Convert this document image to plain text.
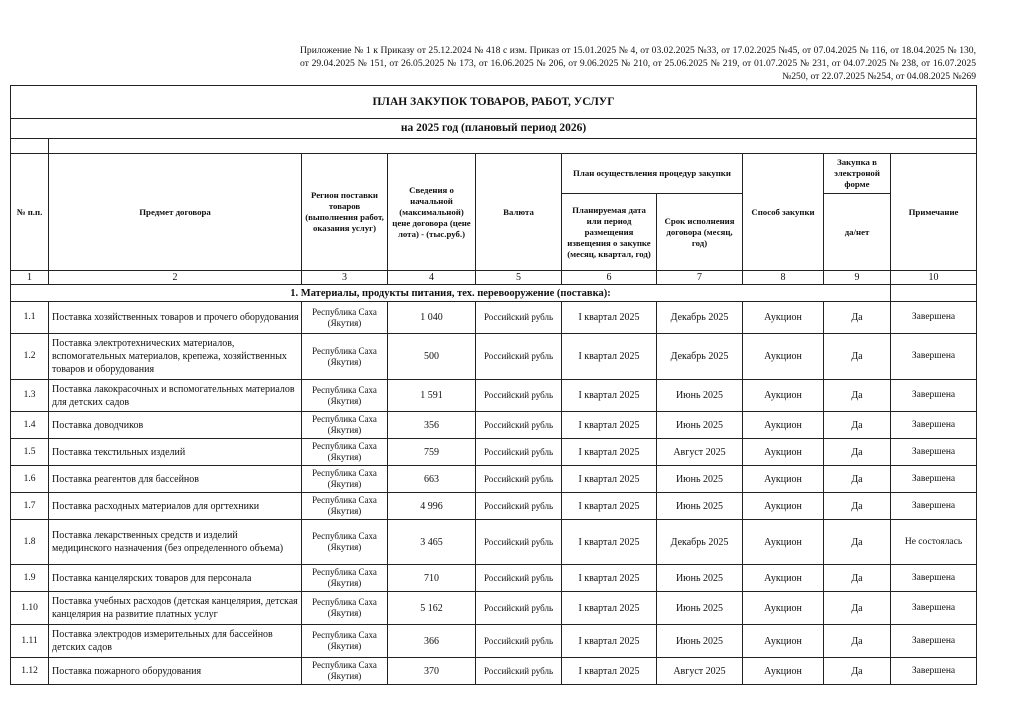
Приложение № 1 к Приказу от 25.12.2024 № 418 с изм. Приказ от 15.01.2025 № 4, от 03.02.2025 №33, от 17.02.2025 №45, от 07.04.2025 № 116, от 18.04.2025 № 130, от 29.04.2025 № 151, от 26.05.2025 № 173, от 16.06.2025 № 206, от 9.06.2025 № 210, от 25.06.2025 № 219, от 01.07.2025 № 231, от 04.07.2025 № 238, от 16.07.2025 №250, от 22.07.2025 №254, от 04.08.2025 №269
ПЛАН ЗАКУПОК ТОВАРОВ, РАБОТ, УСЛУГ									
на 2025 год (плановый период 2026)									

№ п.п.	Предмет договора	Регион поставки товаров (выполнения работ, оказания услуг)	Сведения о начальной (максимальной) цене договора (цене лота) - (тыс.руб.)	Валюта	План осуществления процедур закупки		Способ закупки	Закупка в электроной форме	Примечание
					Планируемая дата или период размещения извещения о закупке (месяц, квартал, год)	Срок исполнения договора (месяц, год)		да/нет	
1	2	3	4	5	6	7	8	9	10
1. Материалы, продукты питания, тех. перевооружение (поставка):									
1.1	Поставка хозяйственных товаров и прочего оборудования	Республика Саха (Якутия)	1 040	Российский рубль	I квартал 2025	Декабрь 2025	Аукцион	Да	Завершена
1.2	Поставка электротехнических материалов, вспомогательных материалов, крепежа, хозяйственных товаров и оборудования	Республика Саха (Якутия)	500	Российский рубль	I квартал 2025	Декабрь 2025	Аукцион	Да	Завершена
1.3	Поставка лакокрасочных и вспомогательных материалов для детских садов	Республика Саха (Якутия)	1 591	Российский рубль	I квартал 2025	Июнь 2025	Аукцион	Да	Завершена
1.4	Поставка доводчиков	Республика Саха (Якутия)	356	Российский рубль	I квартал 2025	Июнь 2025	Аукцион	Да	Завершена
1.5	Поставка текстильных изделий	Республика Саха (Якутия)	759	Российский рубль	I квартал 2025	Август 2025	Аукцион	Да	Завершена
1.6	Поставка реагентов для бассейнов	Республика Саха (Якутия)	663	Российский рубль	I квартал 2025	Июнь 2025	Аукцион	Да	Завершена
1.7	Поставка расходных материалов для оргтехники	Республика Саха (Якутия)	4 996	Российский рубль	I квартал 2025	Июнь 2025	Аукцион	Да	Завершена
1.8	Поставка лекарственных средств и изделий медицинского назначения (без определенного объема)	Республика Саха (Якутия)	3 465	Российский рубль	I квартал 2025	Декабрь 2025	Аукцион	Да	Не состоялась
1.9	Поставка канцелярских товаров для персонала	Республика Саха (Якутия)	710	Российский рубль	I квартал 2025	Июнь 2025	Аукцион	Да	Завершена
1.10	Поставка учебных расходов (детская канцелярия, детская канцелярия на развитие платных услуг	Республика Саха (Якутия)	5 162	Российский рубль	I квартал 2025	Июнь 2025	Аукцион	Да	Завершена
1.11	Поставка электродов измерительных для бассейнов детских садов	Республика Саха (Якутия)	366	Российский рубль	I квартал 2025	Июнь 2025	Аукцион	Да	Завершена
1.12	Поставка пожарного оборудования	Республика Саха (Якутия)	370	Российский рубль	I квартал 2025	Август 2025	Аукцион	Да	Завершена
